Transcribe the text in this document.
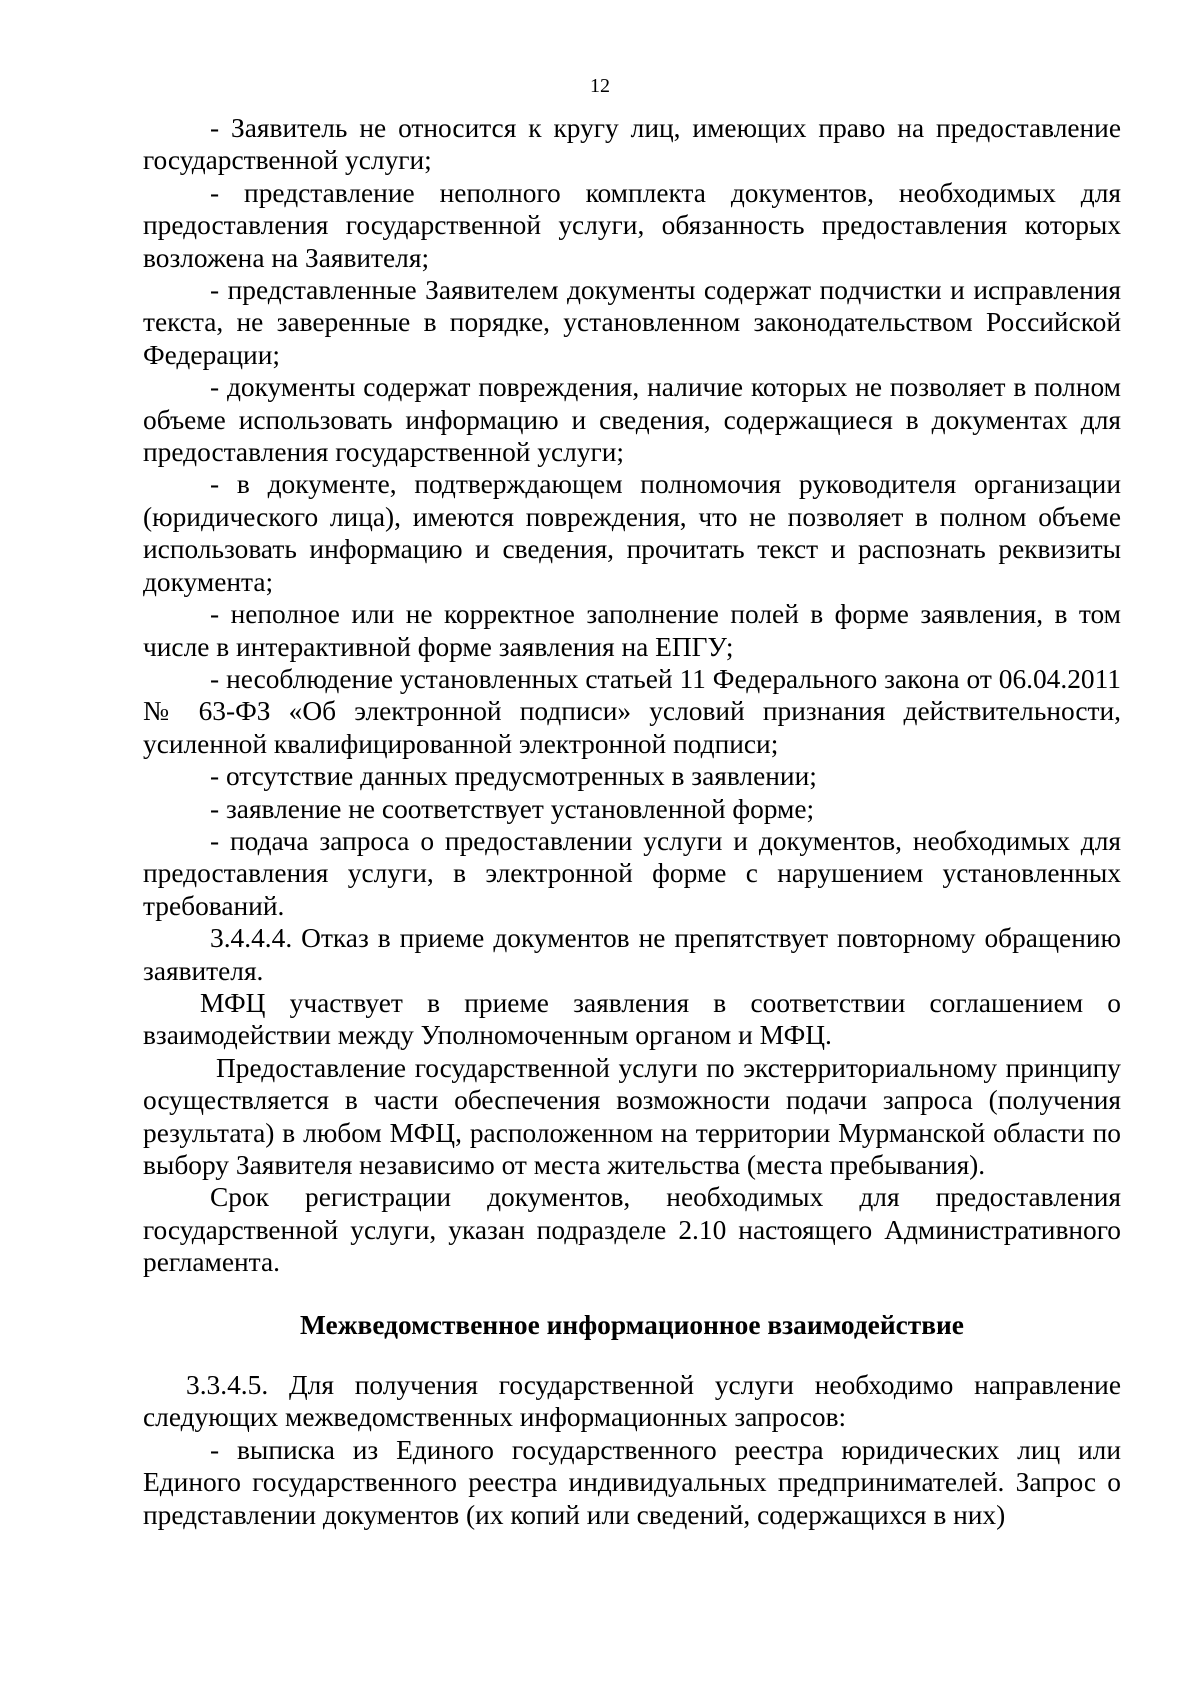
12

- Заявитель не относится к кругу лиц, имеющих право на предоставление государственной услуги;

- представление неполного комплекта документов, необходимых для предоставления государственной услуги, обязанность предоставления которых возложена на Заявителя;

- представленные Заявителем документы содержат подчистки и исправления текста, не заверенные в порядке, установленном законодательством Российской Федерации;

- документы содержат повреждения, наличие которых не позволяет в полном объеме использовать информацию и сведения, содержащиеся в документах для предоставления государственной услуги;

- в документе, подтверждающем полномочия руководителя организации (юридического лица), имеются повреждения, что не позволяет в полном объеме использовать информацию и сведения, прочитать текст и распознать реквизиты документа;

- неполное или не корректное заполнение полей в форме заявления, в том числе в интерактивной форме заявления на ЕПГУ;

- несоблюдение установленных статьей 11 Федерального закона от 06.04.2011 № 63-ФЗ «Об электронной подписи» условий признания действительности, усиленной квалифицированной электронной подписи;

- отсутствие данных предусмотренных в заявлении;

- заявление не соответствует установленной форме;

- подача запроса о предоставлении услуги и документов, необходимых для предоставления услуги, в электронной форме с нарушением установленных требований.

3.4.4.4. Отказ в приеме документов не препятствует повторному обращению заявителя.

МФЦ участвует в приеме заявления в соответствии соглашением о взаимодействии между Уполномоченным органом и МФЦ.

Предоставление государственной услуги по экстерриториальному принципу осуществляется в части обеспечения возможности подачи запроса (получения результата) в любом МФЦ, расположенном на территории Мурманской области по выбору Заявителя независимо от места жительства (места пребывания).

Срок регистрации документов, необходимых для предоставления государственной услуги, указан подразделе 2.10 настоящего Административного регламента.

Межведомственное информационное взаимодействие

3.3.4.5. Для получения государственной услуги необходимо направление следующих межведомственных информационных запросов:

- выписка из Единого государственного реестра юридических лиц или Единого государственного реестра индивидуальных предпринимателей. Запрос о представлении документов (их копий или сведений, содержащихся в них)
